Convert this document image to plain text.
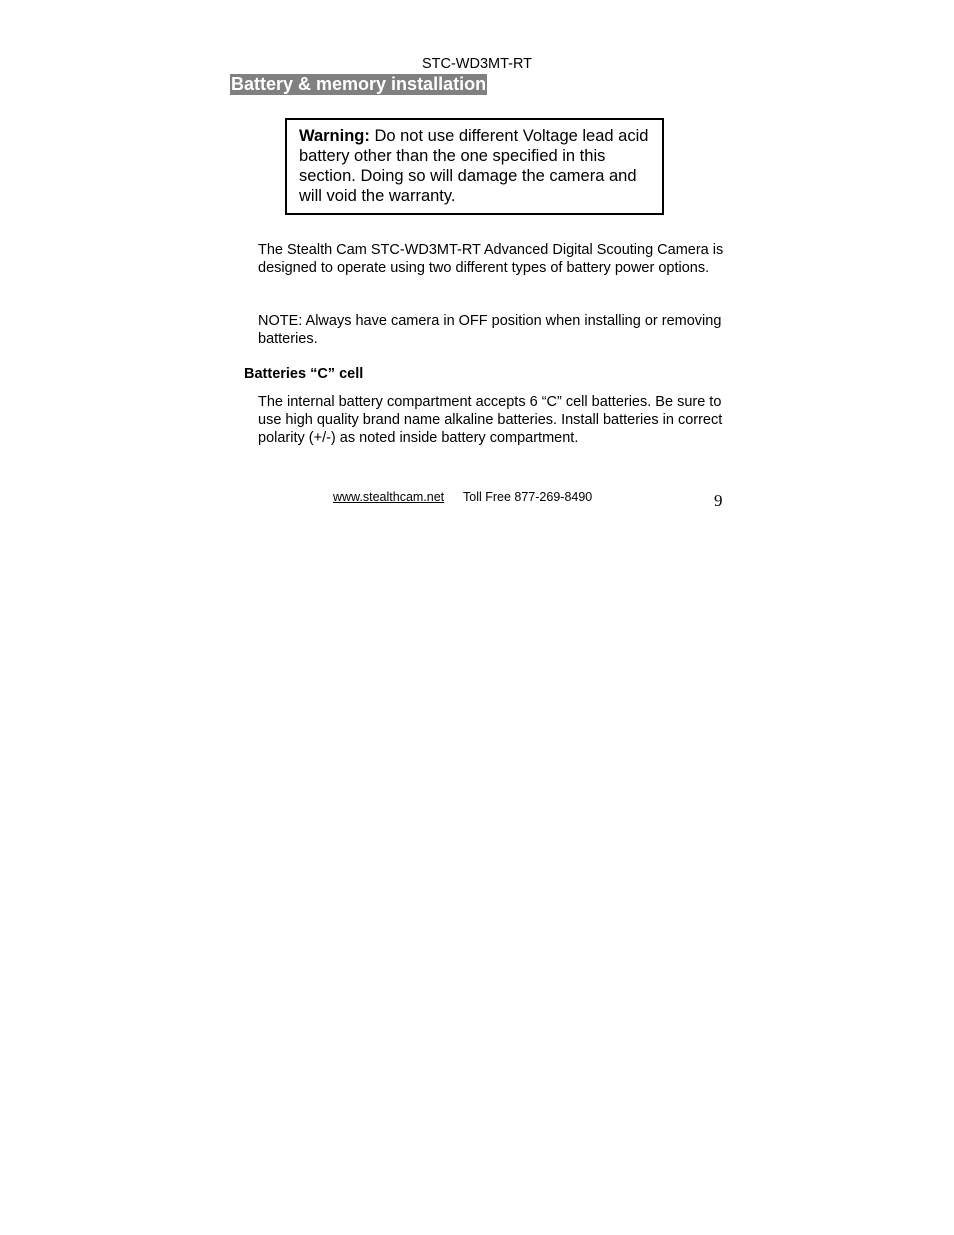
STC-WD3MT-RT
Battery & memory installation
Warning: Do not use different Voltage lead acid battery other than the one specified in this section. Doing so will damage the camera and will void the warranty.
The Stealth Cam STC-WD3MT-RT Advanced Digital Scouting Camera is designed to operate using two different types of battery power options.
NOTE: Always have camera in OFF position when installing or removing batteries.
Batteries “C” cell
The internal battery compartment accepts 6 “C” cell batteries. Be sure to use high quality brand name alkaline batteries. Install batteries in correct polarity (+/-) as noted inside battery compartment.
www.stealthcam.net Toll Free 877-269-8490	9
